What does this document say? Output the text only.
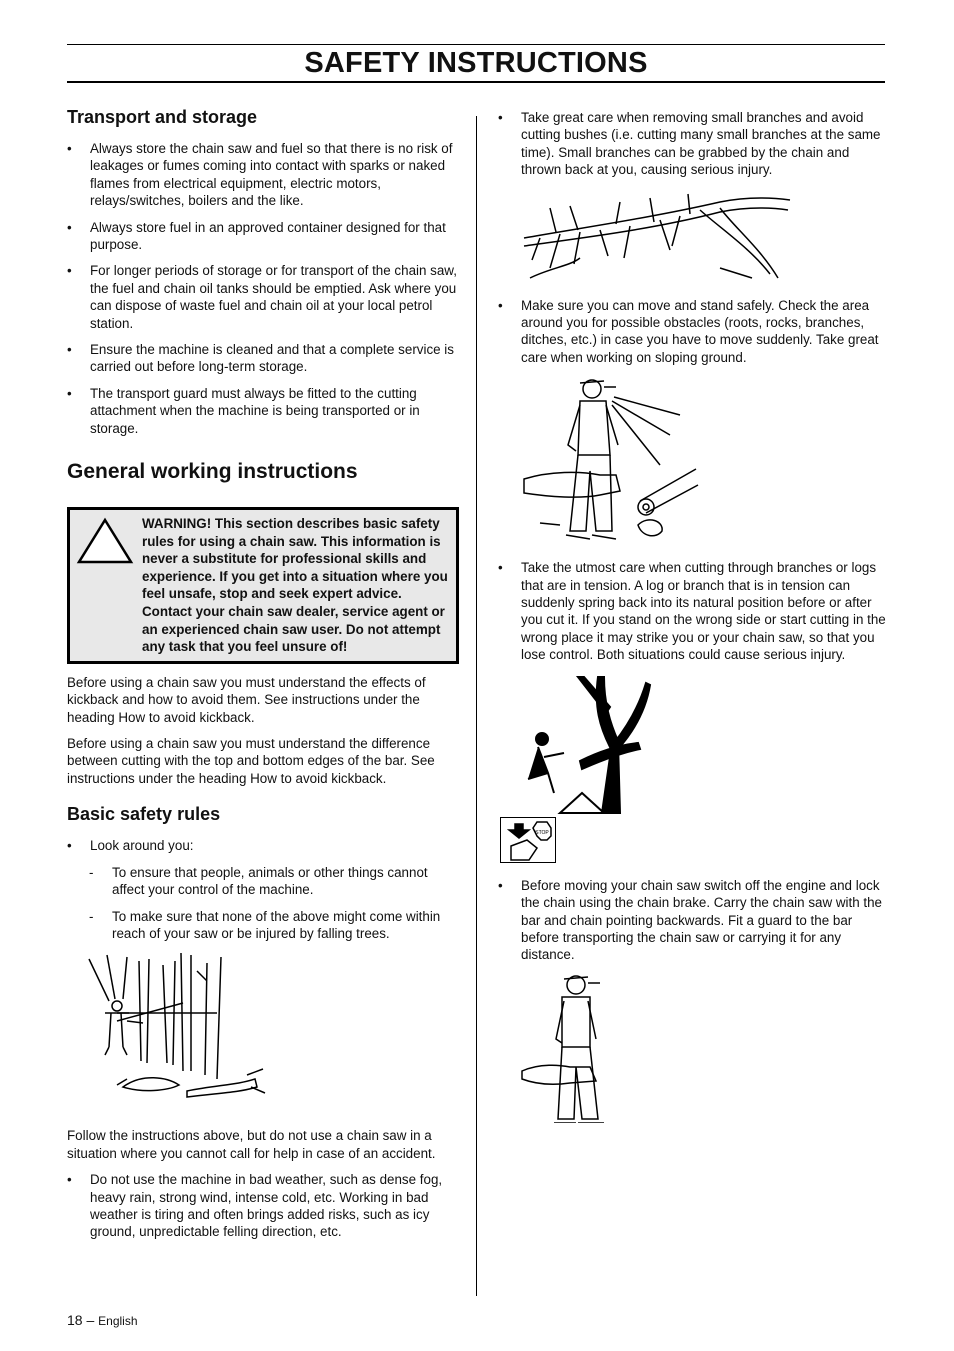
SAFETY INSTRUCTIONS
Transport and storage
• Always store the chain saw and fuel so that there is no risk of leakages or fumes coming into contact with sparks or naked flames from electrical equipment, electric motors, relays/switches, boilers and the like.
• Always store fuel in an approved container designed for that purpose.
• For longer periods of storage or for transport of the chain saw, the fuel and chain oil tanks should be emptied. Ask where you can dispose of waste fuel and chain oil at your local petrol station.
• Ensure the machine is cleaned and that a complete service is carried out before long-term storage.
• The transport guard must always be fitted to the cutting attachment when the machine is being transported or in storage.
General working instructions
WARNING! This section describes basic safety rules for using a chain saw. This information is never a substitute for professional skills and experience. If you get into a situation where you feel unsafe, stop and seek expert advice. Contact your chain saw dealer, service agent or an experienced chain saw user. Do not attempt any task that you feel unsure of!

Before using a chain saw you must understand the effects of kickback and how to avoid them. See instructions under the heading How to avoid kickback.

Before using a chain saw you must understand the difference between cutting with the top and bottom edges of the bar. See instructions under the heading How to avoid kickback.

Basic safety rules
• Look around you:
- To ensure that people, animals or other things cannot affect your control of the machine.
- To make sure that none of the above might come within reach of your saw or be injured by falling trees.

Follow the instructions above, but do not use a chain saw in a situation where you cannot call for help in case of an accident.

• Do not use the machine in bad weather, such as dense fog, heavy rain, strong wind, intense cold, etc. Working in bad weather is tiring and often brings added risks, such as icy ground, unpredictable felling direction, etc.
• Take great care when removing small branches and avoid cutting bushes (i.e. cutting many small branches at the same time). Small branches can be grabbed by the chain and thrown back at you, causing serious injury.
• Make sure you can move and stand safely. Check the area around you for possible obstacles (roots, rocks, branches, ditches, etc.) in case you have to move suddenly. Take great care when working on sloping ground.
• Take the utmost care when cutting through branches or logs that are in tension. A log or branch that is in tension can suddenly spring back into its natural position before or after you cut it. If you stand on the wrong side or start cutting in the wrong place it may strike you or your chain saw, so that you lose control. Both situations could cause serious injury.
STOP
• Before moving your chain saw switch off the engine and lock the chain using the chain brake. Carry the chain saw with the bar and chain pointing backwards. Fit a guard to the bar before transporting the chain saw or carrying it for any distance.
18 – English
